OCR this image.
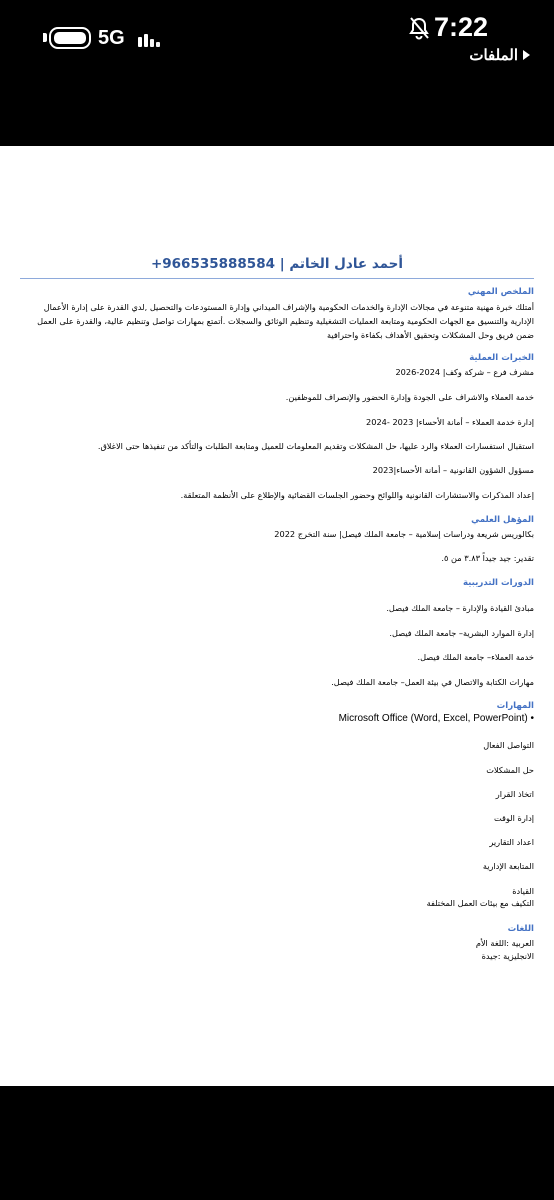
5G	7:22
الملفات
أحمد عادل الخاتم | 966535888584+
الملخص المهني
أمتلك خبرة مهنية متنوعة في مجالات الإدارة والخدمات الحكومية والإشراف الميداني وإدارة المستودعات والتحصيل ,لدي القدرة على إدارة الأعمال الإدارية والتنسيق مع الجهات الحكومية ومتابعة العمليات التشغيلية وتنظيم الوثائق والسجلات .أتمتع بمهارات تواصل وتنظيم عالية، والقدرة على العمل ضمن فريق وحل المشكلات وتحقيق الأهداف بكفاءة واحترافية
الخبرات العملية
مشرف فرع – شركة وكف| 2024-2026
خدمة العملاء والاشراف على الجودة وإدارة الحضور والإنصراف للموظفين.
إدارة خدمة العملاء – أمانة الأحساء| 2023 -2024
استقبال استفسارات العملاء والرد عليها، حل المشكلات وتقديم المعلومات للعميل ومتابعة الطلبات والتأكد من تنفيذها حتى الاغلاق.
مسؤول الشؤون القانونية – أمانة الأحساء|2023
إعداد المذكرات والاستشارات القانونية واللوائح وحضور الجلسات القضائية والإطلاع على الأنظمة المتعلقة.
المؤهل العلمي
بكالوريس شريعة ودراسات إسلامية – جامعة الملك فيصل| سنة التخرج 2022
تقدير: جيد جيداً ٣.٨٣ من ٥.
الدورات التدريبية
مبادئ القيادة والإدارة – جامعة الملك فيصل.
إدارة الموارد البشرية– جامعة الملك فيصل.
خدمة العملاء– جامعة الملك فيصل.
مهارات الكتابة والاتصال في بيئة العمل– جامعة الملك فيصل.
المهارات
Microsoft Office (Word, Excel, PowerPoint) •
التواصل الفعال
حل المشكلات
اتخاذ القرار
إدارة الوقت
اعداد التقارير
المتابعة الإدارية
القيادة
التكيف مع بيئات العمل المختلفة
اللغات
العربية :اللغة الأم
الانجليزية :جيدة
